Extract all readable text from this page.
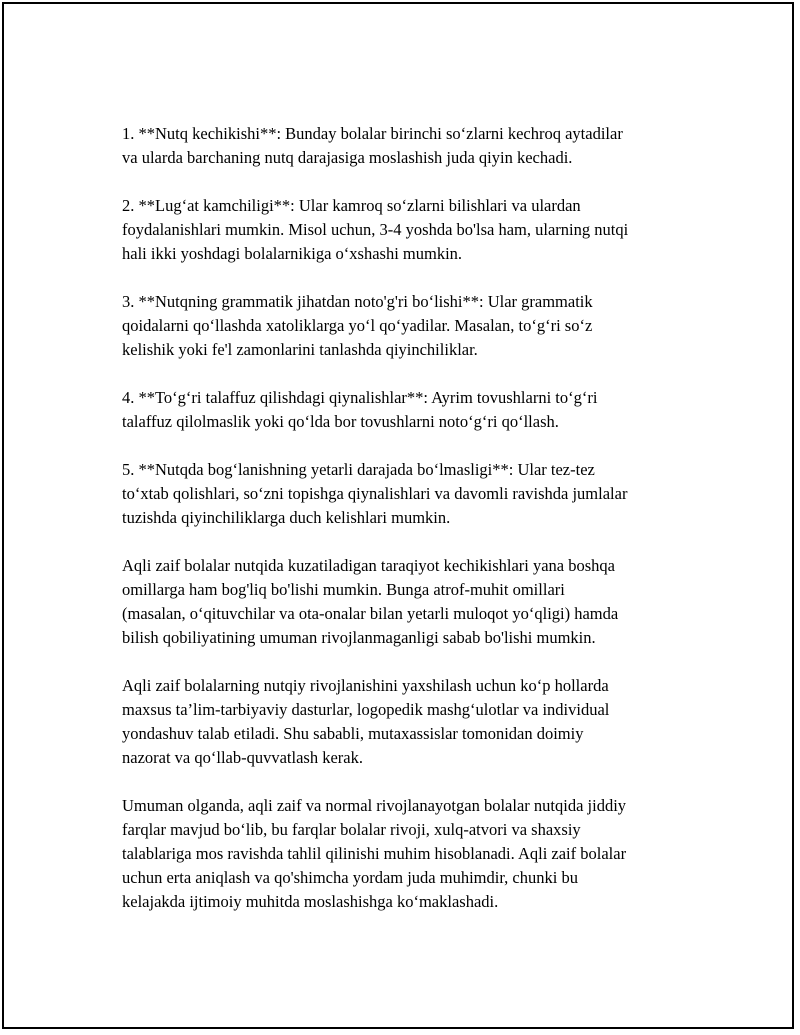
1. **Nutq kechikishi**: Bunday bolalar birinchi so‘zlarni kechroq aytadilar
va ularda barchaning nutq darajasiga moslashish juda qiyin kechadi.

2. **Lug‘at kamchiligi**: Ular kamroq so‘zlarni bilishlari va ulardan
foydalanishlari mumkin. Misol uchun, 3-4 yoshda bo'lsa ham, ularning nutqi
hali ikki yoshdagi bolalarnikiga o‘xshashi mumkin.

3. **Nutqning grammatik jihatdan noto'g'ri bo‘lishi**: Ular grammatik
qoidalarni qo‘llashda xatoliklarga yo‘l qo‘yadilar. Masalan, to‘g‘ri so‘z
kelishik yoki fe'l zamonlarini tanlashda qiyinchiliklar.

4. **To‘g‘ri talaffuz qilishdagi qiynalishlar**: Ayrim tovushlarni to‘g‘ri
talaffuz qilolmaslik yoki qo‘lda bor tovushlarni noto‘g‘ri qo‘llash.

5. **Nutqda bog‘lanishning yetarli darajada bo‘lmasligi**: Ular tez-tez
to‘xtab qolishlari, so‘zni topishga qiynalishlari va davomli ravishda jumlalar
tuzishda qiyinchiliklarga duch kelishlari mumkin.

Aqli zaif bolalar nutqida kuzatiladigan taraqiyot kechikishlari yana boshqa
omillarga ham bog'liq bo'lishi mumkin. Bunga atrof-muhit omillari
(masalan, o‘qituvchilar va ota-onalar bilan yetarli muloqot yo‘qligi) hamda
bilish qobiliyatining umuman rivojlanmaganligi sabab bo'lishi mumkin.

Aqli zaif bolalarning nutqiy rivojlanishini yaxshilash uchun ko‘p hollarda
maxsus ta’lim-tarbiyaviy dasturlar, logopedik mashg‘ulotlar va individual
yondashuv talab etiladi. Shu sababli, mutaxassislar tomonidan doimiy
nazorat va qo‘llab-quvvatlash kerak.

Umuman olganda, aqli zaif va normal rivojlanayotgan bolalar nutqida jiddiy
farqlar mavjud bo‘lib, bu farqlar bolalar rivoji, xulq-atvori va shaxsiy
talablariga mos ravishda tahlil qilinishi muhim hisoblanadi. Aqli zaif bolalar
uchun erta aniqlash va qo'shimcha yordam juda muhimdir, chunki bu
kelajakda ijtimoiy muhitda moslashishga ko‘maklashadi.
